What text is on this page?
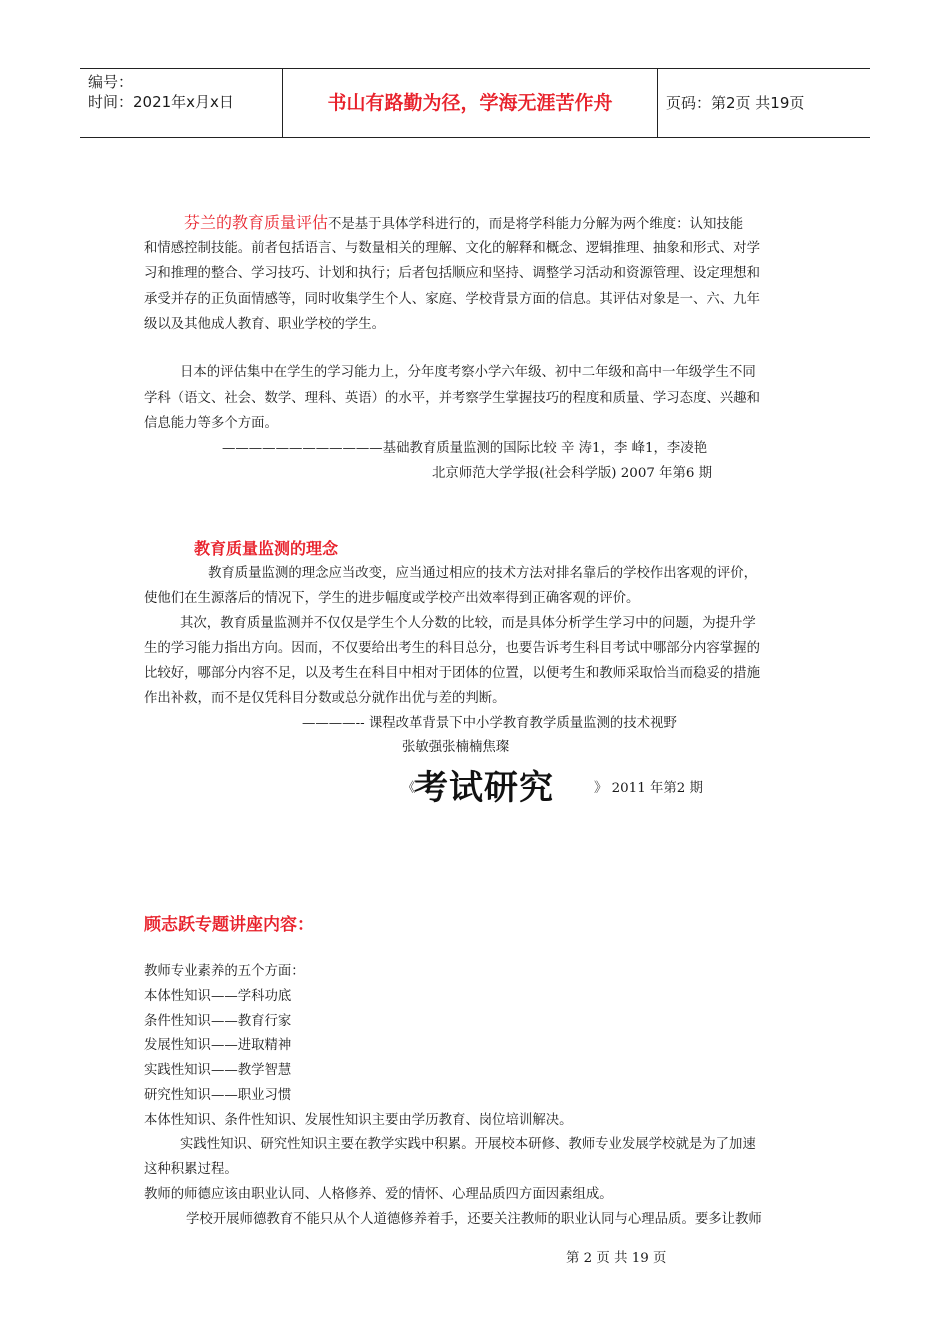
编号：
时间：2021年x月x日	书山有路勤为径，学海无涯苦作舟	页码：第2页 共19页
芬兰的教育质量评估不是基于具体学科进行的，而是将学科能力分解为两个维度：认知技能
和情感控制技能。前者包括语言、与数量相关的理解、文化的解释和概念、逻辑推理、抽象和形式、对学
习和推理的整合、学习技巧、计划和执行；后者包括顺应和坚持、调整学习活动和资源管理、设定理想和
承受并存的正负面情感等，同时收集学生个人、家庭、学校背景方面的信息。其评估对象是一、六、九年
级以及其他成人教育、职业学校的学生。
日本的评估集中在学生的学习能力上，分年度考察小学六年级、初中二年级和高中一年级学生不同
学科（语文、社会、数学、理科、英语）的水平，并考察学生掌握技巧的程度和质量、学习态度、兴趣和
信息能力等多个方面。
————————————基础教育质量监测的国际比较 辛 涛1，李 峰1，李凌艳
北京师范大学学报(社会科学版) 2007 年第6 期
教育质量监测的理念
教育质量监测的理念应当改变，应当通过相应的技术方法对排名靠后的学校作出客观的评价，
使他们在生源落后的情况下，学生的进步幅度或学校产出效率得到正确客观的评价。
其次，教育质量监测并不仅仅是学生个人分数的比较，而是具体分析学生学习中的问题，为提升学
生的学习能力指出方向。因而，不仅要给出考生的科目总分，也要告诉考生科目考试中哪部分内容掌握的
比较好，哪部分内容不足，以及考生在科目中相对于团体的位置，以便考生和教师采取恰当而稳妥的措施
作出补救，而不是仅凭科目分数或总分就作出优与差的判断。
————-- 课程改革背景下中小学教育教学质量监测的技术视野
张敏强张楠楠焦璨
《
考试研究	》 2011 年第2 期
顾志跃专题讲座内容：
教师专业素养的五个方面：
本体性知识——学科功底
条件性知识——教育行家
发展性知识——进取精神
实践性知识——教学智慧
研究性知识——职业习惯
本体性知识、条件性知识、发展性知识主要由学历教育、岗位培训解决。
实践性知识、研究性知识主要在教学实践中积累。开展校本研修、教师专业发展学校就是为了加速
这种积累过程。
教师的师德应该由职业认同、人格修养、爱的情怀、心理品质四方面因素组成。
学校开展师德教育不能只从个人道德修养着手，还要关注教师的职业认同与心理品质。要多让教师
第 2 页 共 19 页
